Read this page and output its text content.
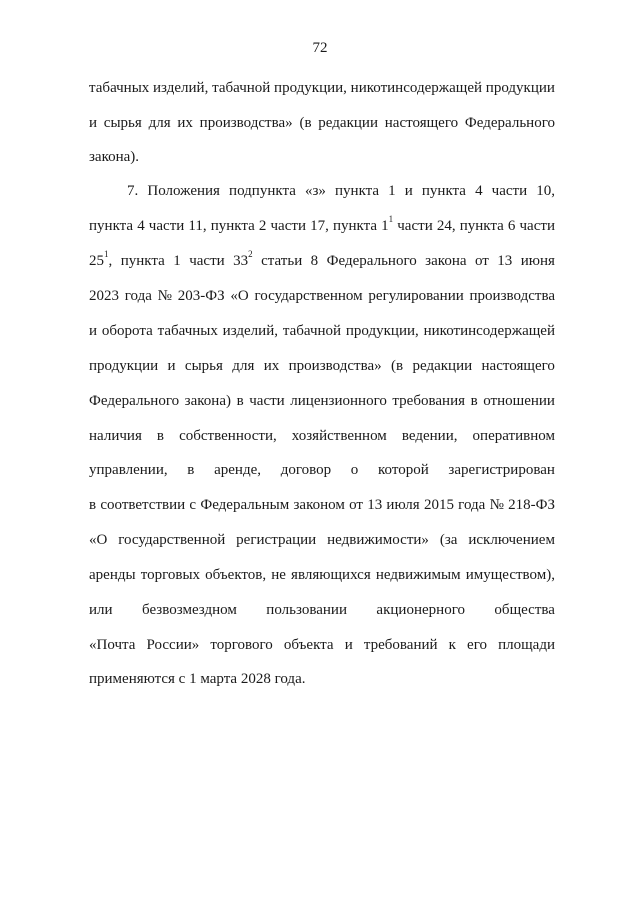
72
табачных изделий, табачной продукции, никотинсодержащей продукции
и сырья для их производства» (в редакции настоящего Федерального
закона).
7. Положения подпункта «з» пункта 1 и пункта 4 части 10,
пункта 4 части 11, пункта 2 части 17, пункта $1^1$ части 24, пункта 6 части
$25^1$, пункта 1 части $33^2$ статьи 8 Федерального закона от 13 июня
2023 года № 203-ФЗ «О государственном регулировании производства
и оборота табачных изделий, табачной продукции, никотинсодержащей
продукции и сырья для их производства» (в редакции настоящего
Федерального закона) в части лицензионного требования в отношении
наличия в собственности, хозяйственном ведении, оперативном
управлении, в аренде, договор о которой зарегистрирован
в соответствии с Федеральным законом от 13 июля 2015 года № 218-ФЗ
«О государственной регистрации недвижимости» (за исключением
аренды торговых объектов, не являющихся недвижимым имуществом),
или безвозмездном пользовании акционерного общества
«Почта России» торгового объекта и требований к его площади
применяются с 1 марта 2028 года.
